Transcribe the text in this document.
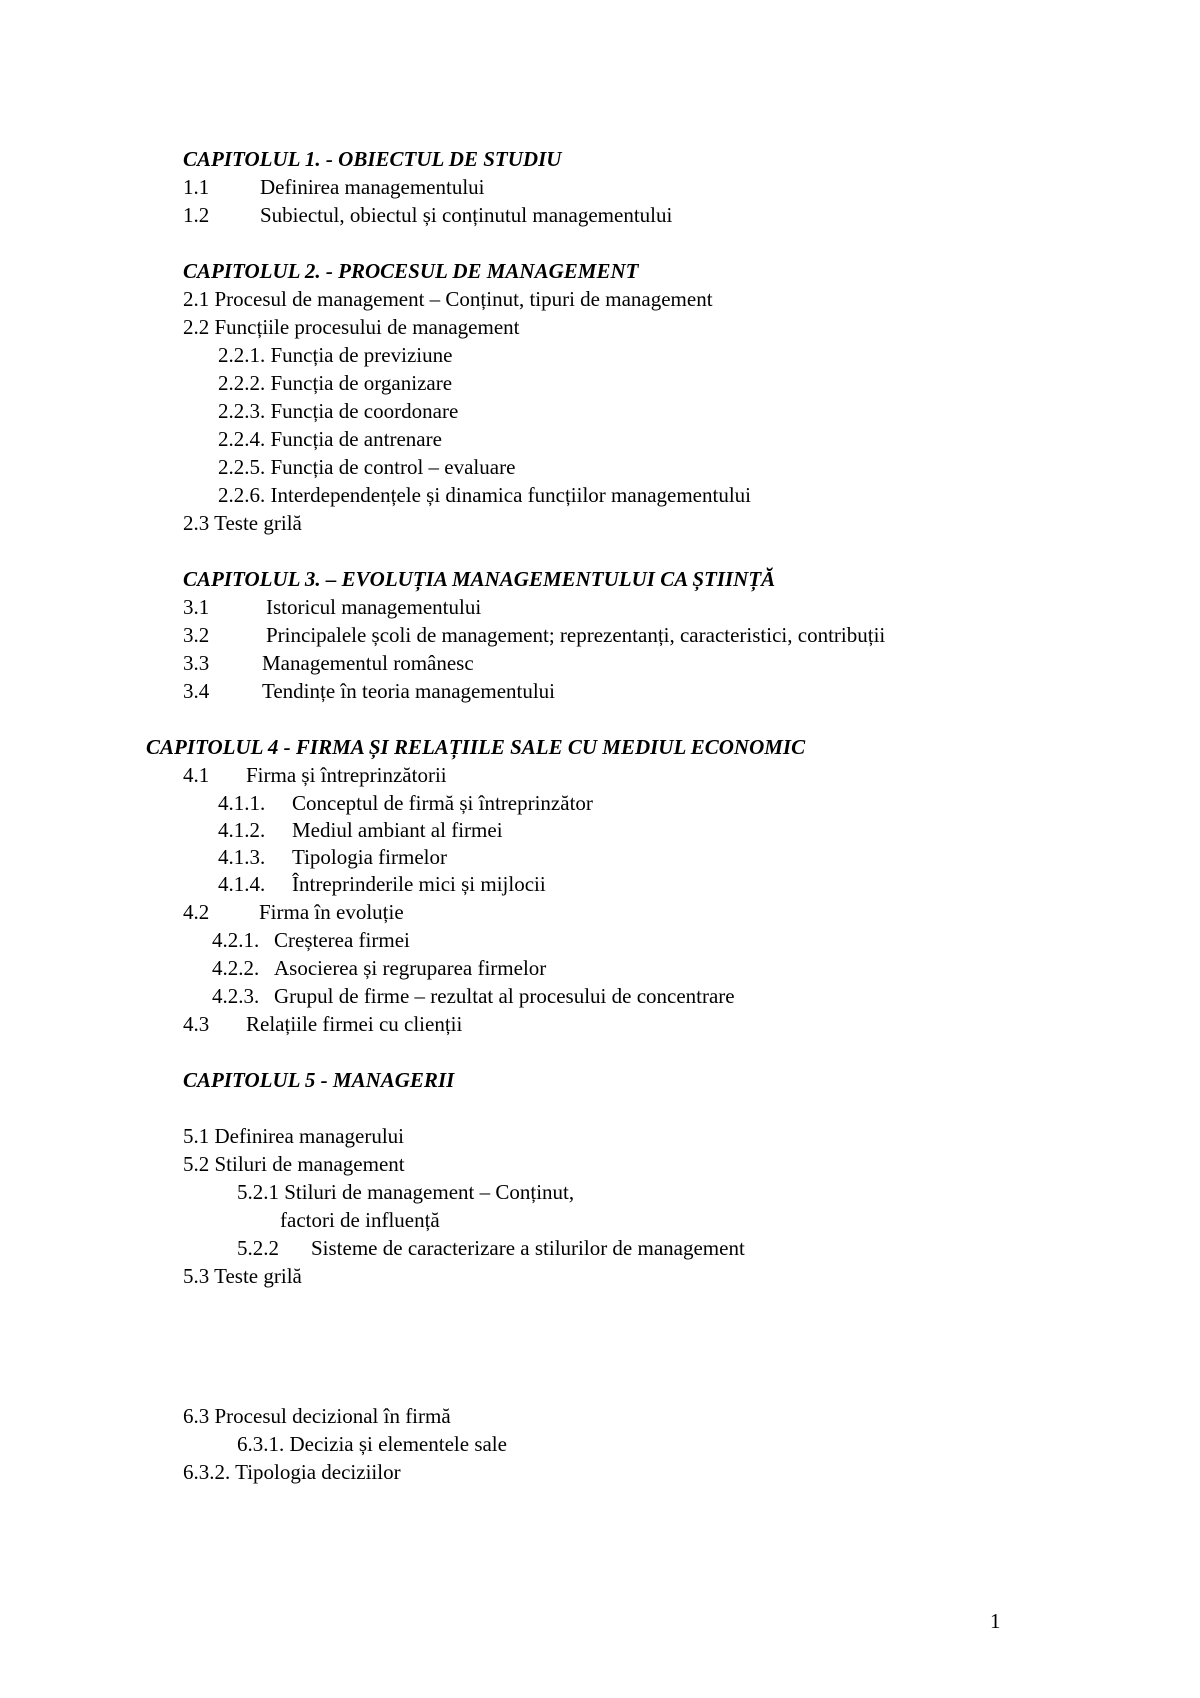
CAPITOLUL 1. - OBIECTUL DE STUDIU
1.1 Definirea managementului
1.2 Subiectul, obiectul și conținutul managementului
CAPITOLUL 2. - PROCESUL DE MANAGEMENT
2.1 Procesul de management – Conținut, tipuri de management
2.2 Funcțiile procesului de management
2.2.1. Funcția de previziune
2.2.2. Funcția de organizare
2.2.3. Funcția de coordonare
2.2.4. Funcția de antrenare
2.2.5. Funcția de control – evaluare
2.2.6. Interdependențele și dinamica funcțiilor managementului
2.3 Teste grilă
CAPITOLUL 3. – EVOLUȚIA MANAGEMENTULUI CA ȘTIINȚĂ
3.1	Istoricul managementului
3.2	Principalele școli de management; reprezentanți, caracteristici, contribuții
3.3	Managementul românesc
3.4	Tendințe în teoria managementului
CAPITOLUL 4 - FIRMA ȘI RELAȚIILE SALE CU MEDIUL ECONOMIC
4.1 Firma și întreprinzătorii
4.1.1. Conceptul de firmă și întreprinzător
4.1.2. Mediul ambiant al firmei
4.1.3. Tipologia firmelor
4.1.4. Întreprinderile mici și mijlocii
4.2 Firma în evoluție
4.2.1. Creșterea firmei
4.2.2. Asocierea și regruparea firmelor
4.2.3. Grupul de firme – rezultat al procesului de concentrare
4.3 Relațiile firmei cu clienții
CAPITOLUL 5 - MANAGERII
5.1 Definirea managerului
5.2 Stiluri de management
5.2.1 Stiluri de management – Conținut,
factori de influență
5.2.2 Sisteme de caracterizare a stilurilor de management
5.3 Teste grilă
6.3 Procesul decizional în firmă
6.3.1. Decizia și elementele sale
6.3.2. Tipologia deciziilor
1
